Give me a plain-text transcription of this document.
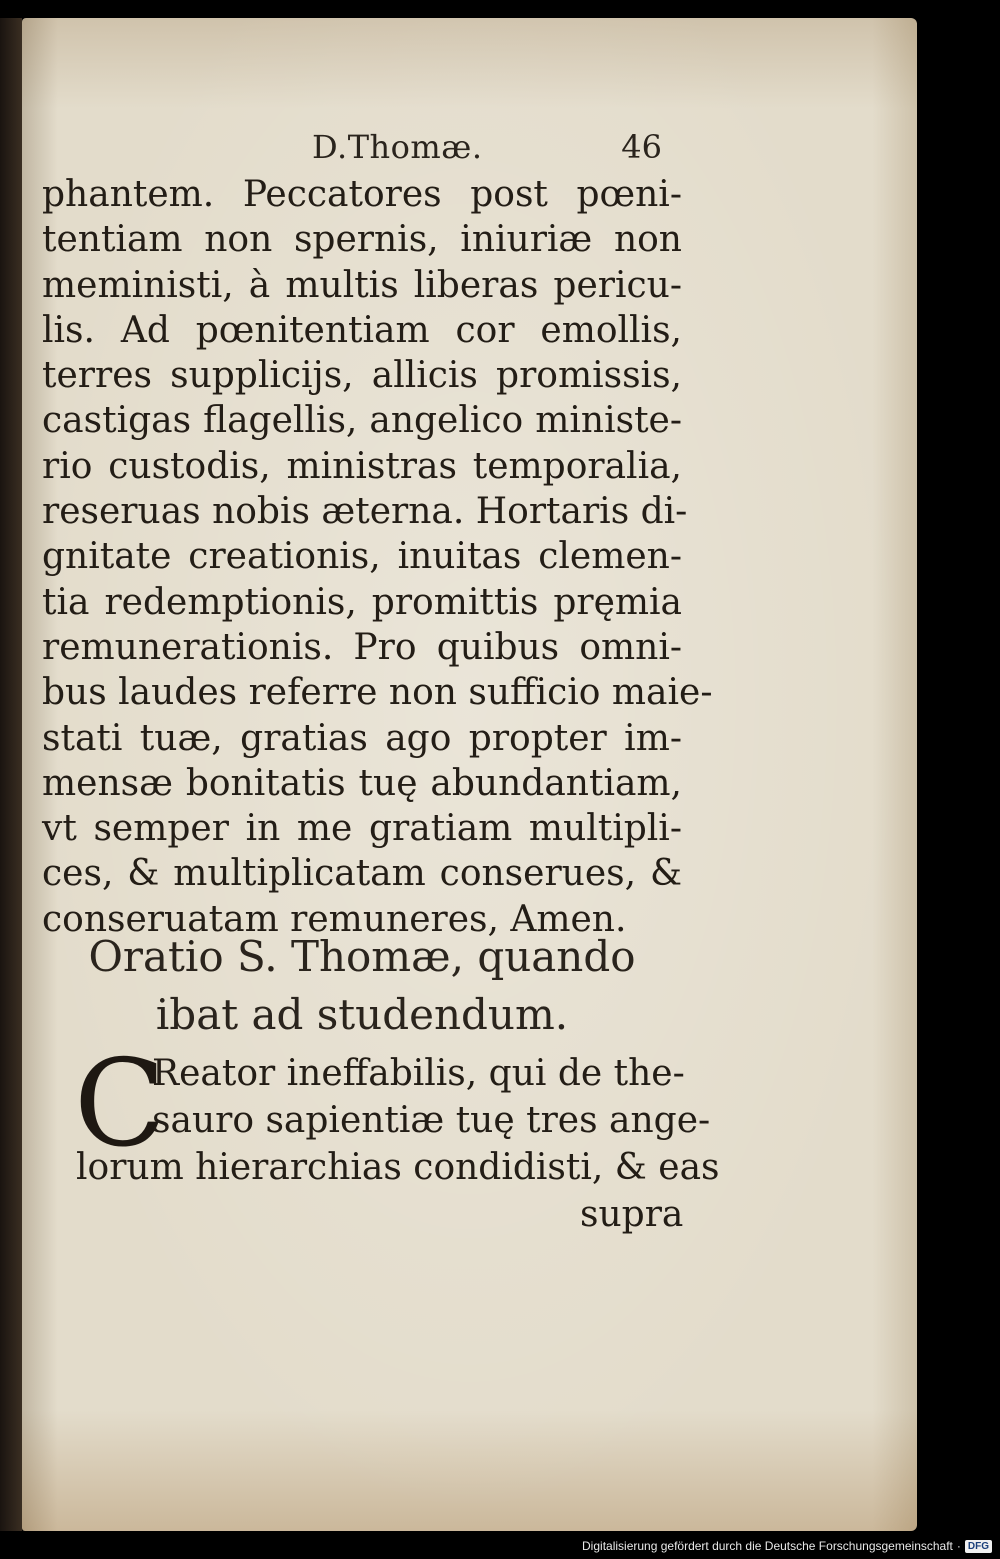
D.Thomæ.	46
phantem. Peccatores post pœni-
tentiam non spernis, iniuriæ non
meministi, à multis liberas pericu-
lis. Ad pœnitentiam cor emollis,
terres supplicijs, allicis promissis,
castigas flagellis, angelico ministe-
rio custodis, ministras temporalia,
reseruas nobis æterna. Hortaris di-
gnitate creationis, inuitas clemen-
tia redemptionis, promittis pręmia
remunerationis. Pro quibus omni-
bus laudes referre non sufficio maie-
stati tuæ, gratias ago propter im-
mensæ bonitatis tuę abundantiam,
vt semper in me gratiam multipli-
ces, & multiplicatam conserues, &
conseruatam remuneres, Amen.
Oratio S. Thomæ, quando
ibat ad studendum.
C
Reator ineffabilis, qui de the-
sauro sapientiæ tuę tres ange-
lorum hierarchias condidisti, & eas
supra
Digitalisierung gefördert durch die Deutsche Forschungsgemeinschaft · DFG
